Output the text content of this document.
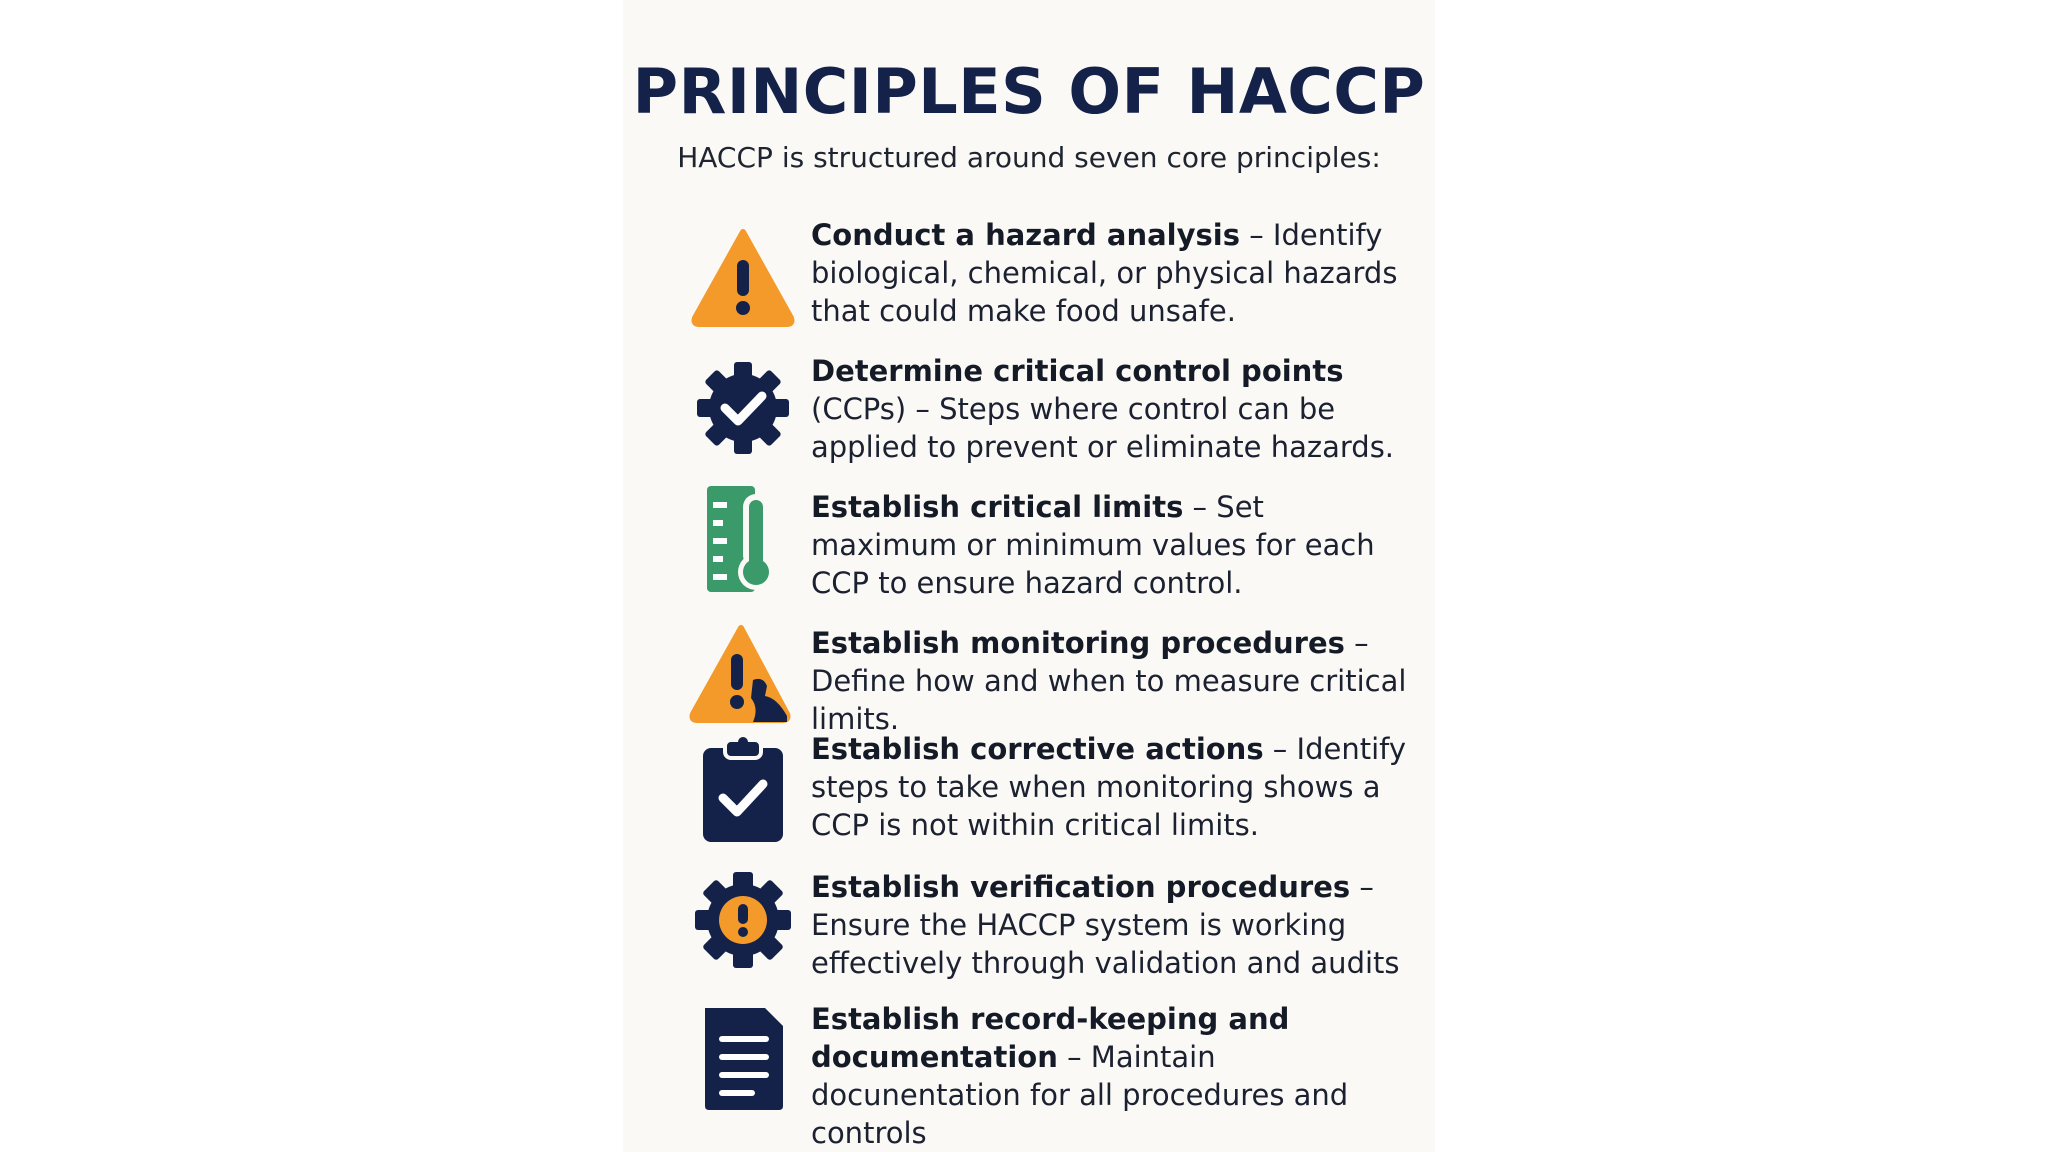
PRINCIPLES OF HACCP
HACCP is structured around seven core principles:
Conduct a hazard analysis – Identify biological, chemical, or physical hazards that could make food unsafe.
Determine critical control points (CCPs) – Steps where control can be applied to prevent or eliminate hazards.
Establish critical limits – Set maximum or minimum values for each CCP to ensure hazard control.
Establish monitoring procedures – Define how and when to measure critical limits.
Establish corrective actions – Identify steps to take when monitoring shows a CCP is not within critical limits.
Establish verification procedures – Ensure the HACCP system is working effectively through validation and audits
Establish record-keeping and documentation – Maintain docunentation for all procedures and controls
